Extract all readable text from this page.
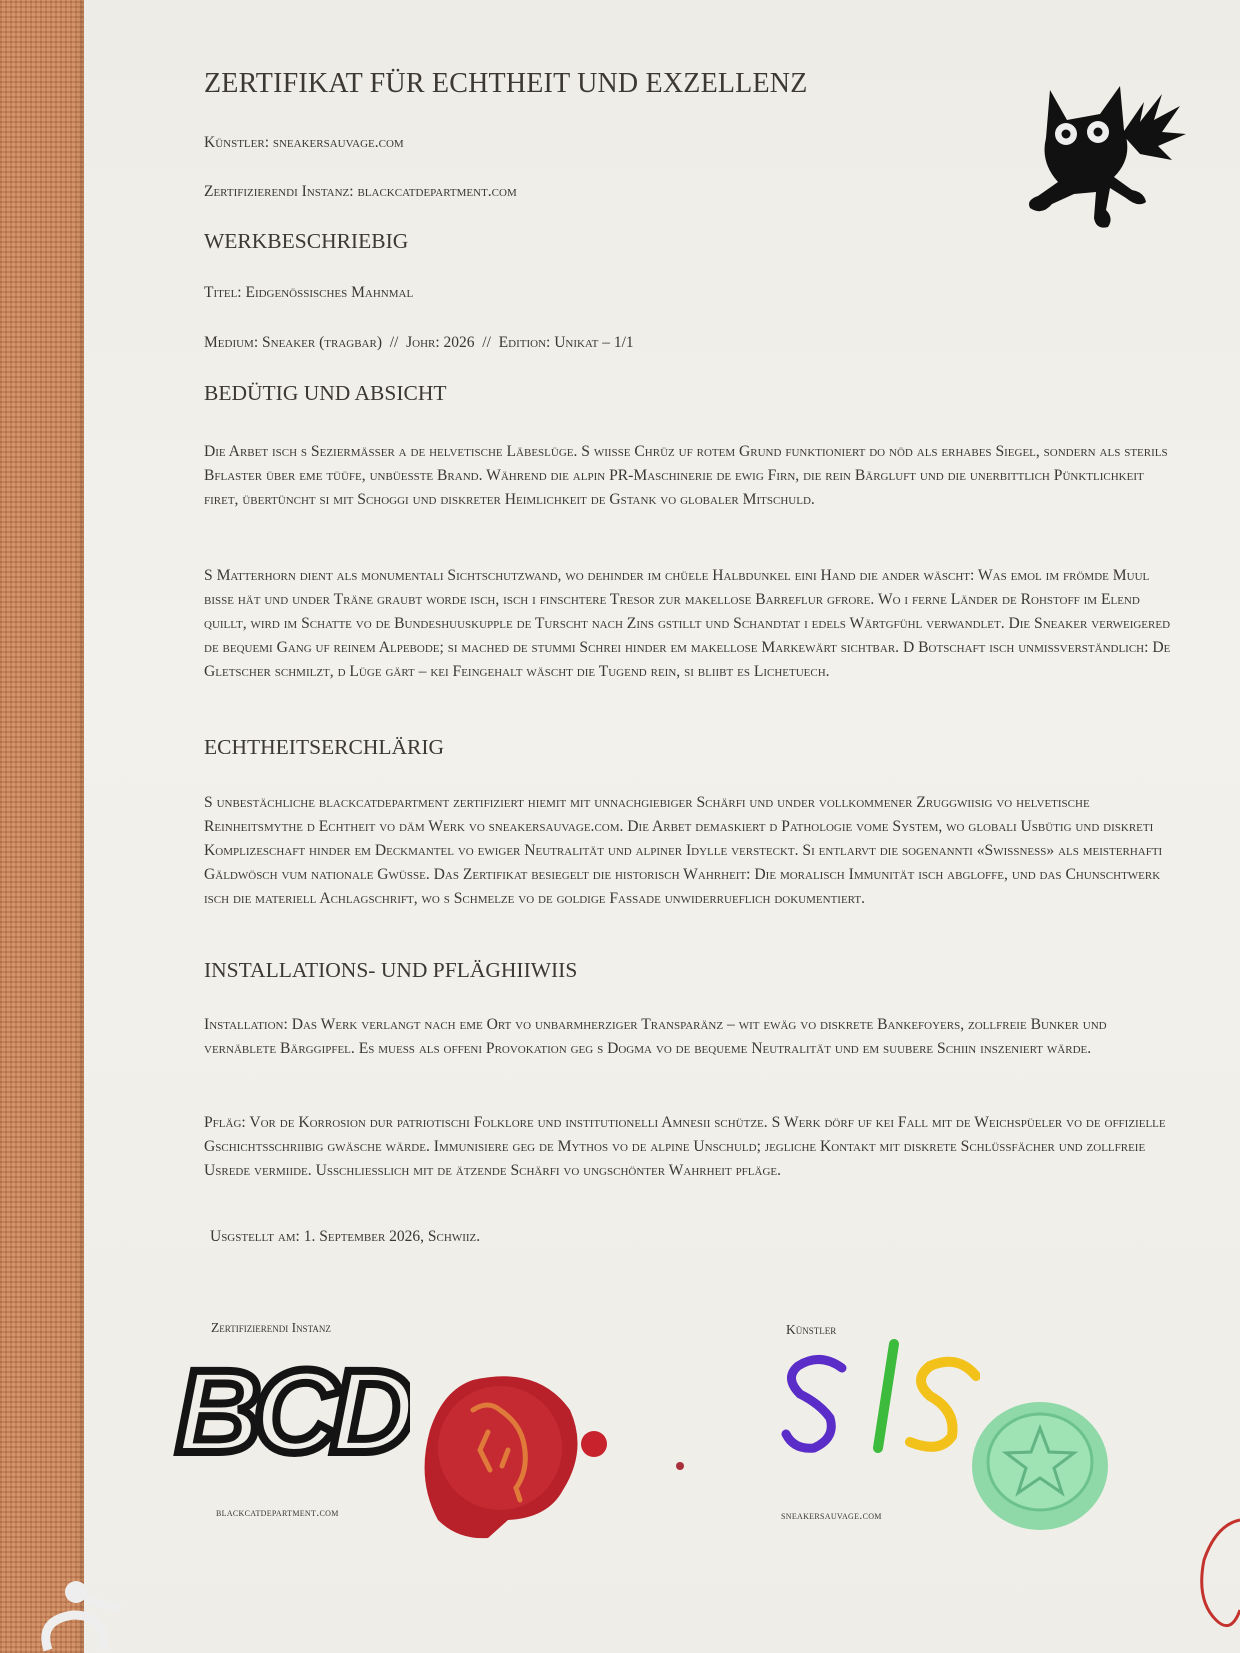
ZERTIFIKAT FÜR ECHTHEIT UND EXZELLENZ
Künstler: sneakersauvage.com
Zertifizierendi Instanz: blackcatdepartment.com
WERKBESCHRIEBIG
Titel: Eidgenössisches Mahnmal
Medium: Sneaker (tragbar)  //  Johr: 2026  //  Edition: Unikat – 1/1
BEDÜTIG UND ABSICHT
Die Arbet isch s Seziermässer a de helvetische Läbeslüge. S wiisse Chrüz uf rotem Grund funktioniert do nöd als erhabes Siegel, sondern als sterils Bflaster über eme tüüfe, unbüesste Brand. Während die alpin PR-Maschinerie de ewig Firn, die rein Bärgluft und die unerbittlich Pünktlichkeit firet, übertüncht si mit Schoggi und diskreter Heimlichkeit de Gstank vo globaler Mitschuld.
S Matterhorn dient als monumentali Sichtschutzwand, wo dehinder im chüele Halbdunkel eini Hand die ander wäscht: Was emol im frömde Muul bisse hät und under Träne graubt worde isch, isch i finschtere Tresor zur makellose Barreflur gfrore. Wo i ferne Länder de Rohstoff im Elend quillt, wird im Schatte vo de Bundeshuuskupple de Turscht nach Zins gstillt und Schandtat i edels Wärtgfühl verwandlet. Die Sneaker verweigered de bequemi Gang uf reinem Alpebode; si mached de stummi Schrei hinder em makellose Markewärt sichtbar. D Botschaft isch unmissverständlich: De Gletscher schmilzt, d Lüge gärt – kei Feingehalt wäscht die Tugend rein, si bliibt es Lichetuech.
ECHTHEITSERCHLÄRIG
S unbestächliche blackcatdepartment zertifiziert hiemit mit unnachgiebiger Schärfi und under vollkommener Zruggwiisig vo helvetische Reinheitsmythe d Echtheit vo däm Werk vo sneakersauvage.com. Die Arbet demaskiert d Pathologie vome System, wo globali Usbütig und diskreti Komplizeschaft hinder em Deckmantel vo ewiger Neutralität und alpiner Idylle versteckt. Si entlarvt die sogenannti «Swissness» als meisterhafti Gäldwösch vum nationale Gwüsse. Das Zertifikat besiegelt die historisch Wahrheit: Die moralisch Immunität isch abgloffe, und das Chunschtwerk isch die materiell Achlagschrift, wo s Schmelze vo de goldige Fassade unwiderrueflich dokumentiert.
INSTALLATIONS- UND PFLÄGHIIWIIS
Installation: Das Werk verlangt nach eme Ort vo unbarmherziger Transparänz – wit ewäg vo diskrete Bankefoyers, zollfreie Bunker und vernäblete Bärggipfel. Es muess als offeni Provokation geg s Dogma vo de bequeme Neutralität und em suubere Schiin inszeniert wärde.
Pfläg: Vor de Korrosion dur patriotischi Folklore und institutionelli Amnesii schütze. S Werk dörf uf kei Fall mit de Weichspüeler vo de offizielle Gschichtsschriibig gwäsche wärde. Immunisiere geg de Mythos vo de alpine Unschuld; jegliche Kontakt mit diskrete Schlüssfächer und zollfreie Usrede vermiide. Usschliesslich mit de ätzende Schärfi vo ungschönter Wahrheit pfläge.
Usgstellt am: 1. September 2026, Schwiiz.
Zertifizierendi Instanz	Künstler
BCD
blackcatdepartment.com	sneakersauvage.com
